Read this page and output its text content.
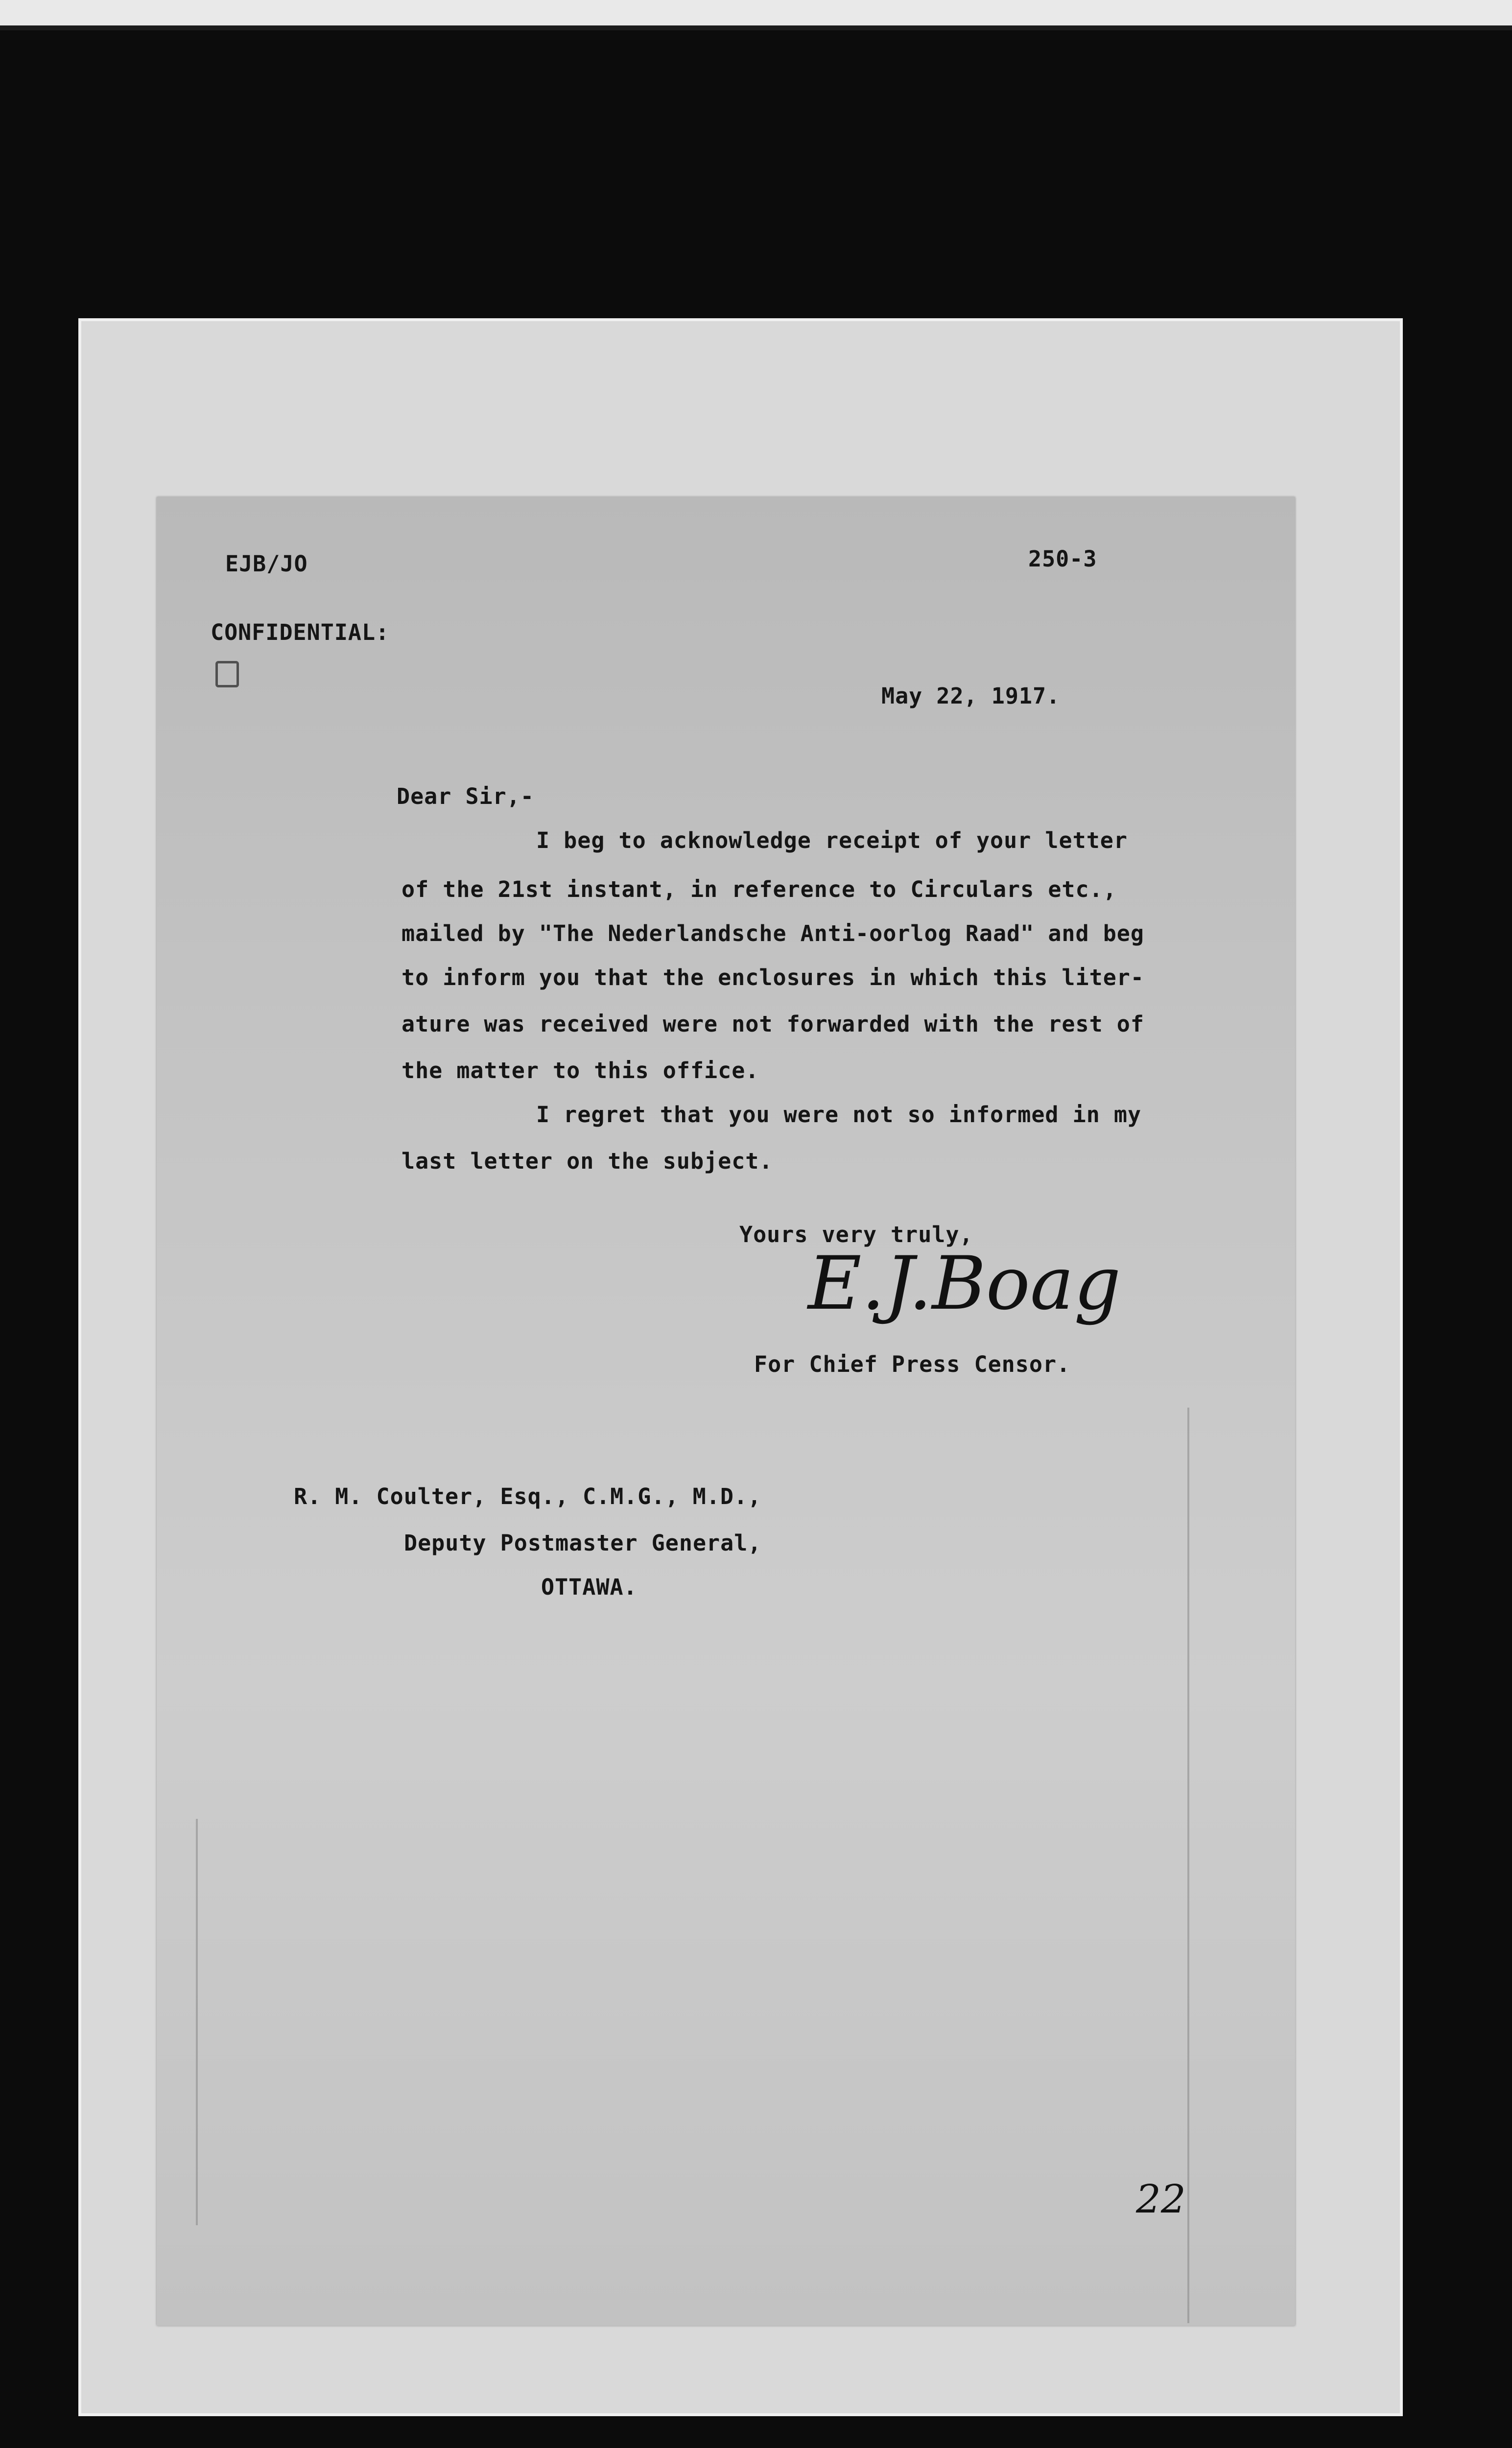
EJB/JO	250-3
CONFIDENTIAL:
May 22, 1917.
Dear Sir,-
I beg to acknowledge receipt of your letter
of the 21st instant, in reference to Circulars etc.,
mailed by "The Nederlandsche Anti-oorlog Raad" and beg
to inform you that the enclosures in which this liter-
ature was received were not forwarded with the rest of
the matter to this office.
I regret that you were not so informed in my
last letter on the subject.
Yours very truly,
E.J.Boag
For Chief Press Censor.
R. M. Coulter, Esq., C.M.G., M.D.,
Deputy Postmaster General,
OTTAWA.
22
